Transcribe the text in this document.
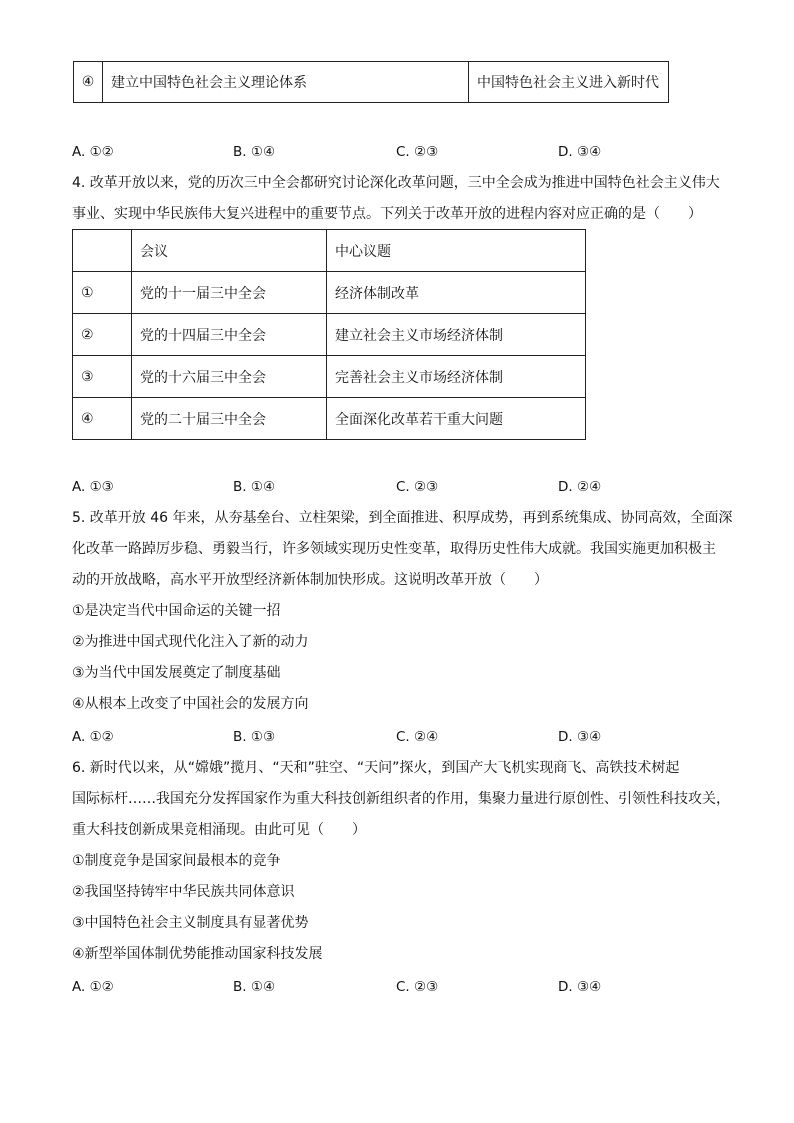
④	建立中国特色社会主义理论体系	中国特色社会主义进入新时代
A. ①②	B. ①④	C. ②③	D. ③④
4. 改革开放以来，党的历次三中全会都研究讨论深化改革问题，三中全会成为推进中国特色社会主义伟大
事业、实现中华民族伟大复兴进程中的重要节点。下列关于改革开放的进程内容对应正确的是（　　）
	会议	中心议题
①	党的十一届三中全会	经济体制改革
②	党的十四届三中全会	建立社会主义市场经济体制
③	党的十六届三中全会	完善社会主义市场经济体制
④	党的二十届三中全会	全面深化改革若干重大问题
A. ①③	B. ①④	C. ②③	D. ②④
5. 改革开放 46 年来，从夯基垒台、立柱架梁，到全面推进、积厚成势，再到系统集成、协同高效，全面深
化改革一路踔厉步稳、勇毅当行，许多领域实现历史性变革，取得历史性伟大成就。我国实施更加积极主
动的开放战略，高水平开放型经济新体制加快形成。这说明改革开放（　　）
①是决定当代中国命运的关键一招
②为推进中国式现代化注入了新的动力
③为当代中国发展奠定了制度基础
④从根本上改变了中国社会的发展方向
A. ①②	B. ①③	C. ②④	D. ③④
6. 新时代以来，从“嫦娥”揽月、“天和”驻空、“天问”探火，到国产大飞机实现商飞、高铁技术树起
国际标杆……我国充分发挥国家作为重大科技创新组织者的作用，集聚力量进行原创性、引领性科技攻关，
重大科技创新成果竞相涌现。由此可见（　　）
①制度竞争是国家间最根本的竞争
②我国坚持铸牢中华民族共同体意识
③中国特色社会主义制度具有显著优势
④新型举国体制优势能推动国家科技发展
A. ①②	B. ①④	C. ②③	D. ③④
